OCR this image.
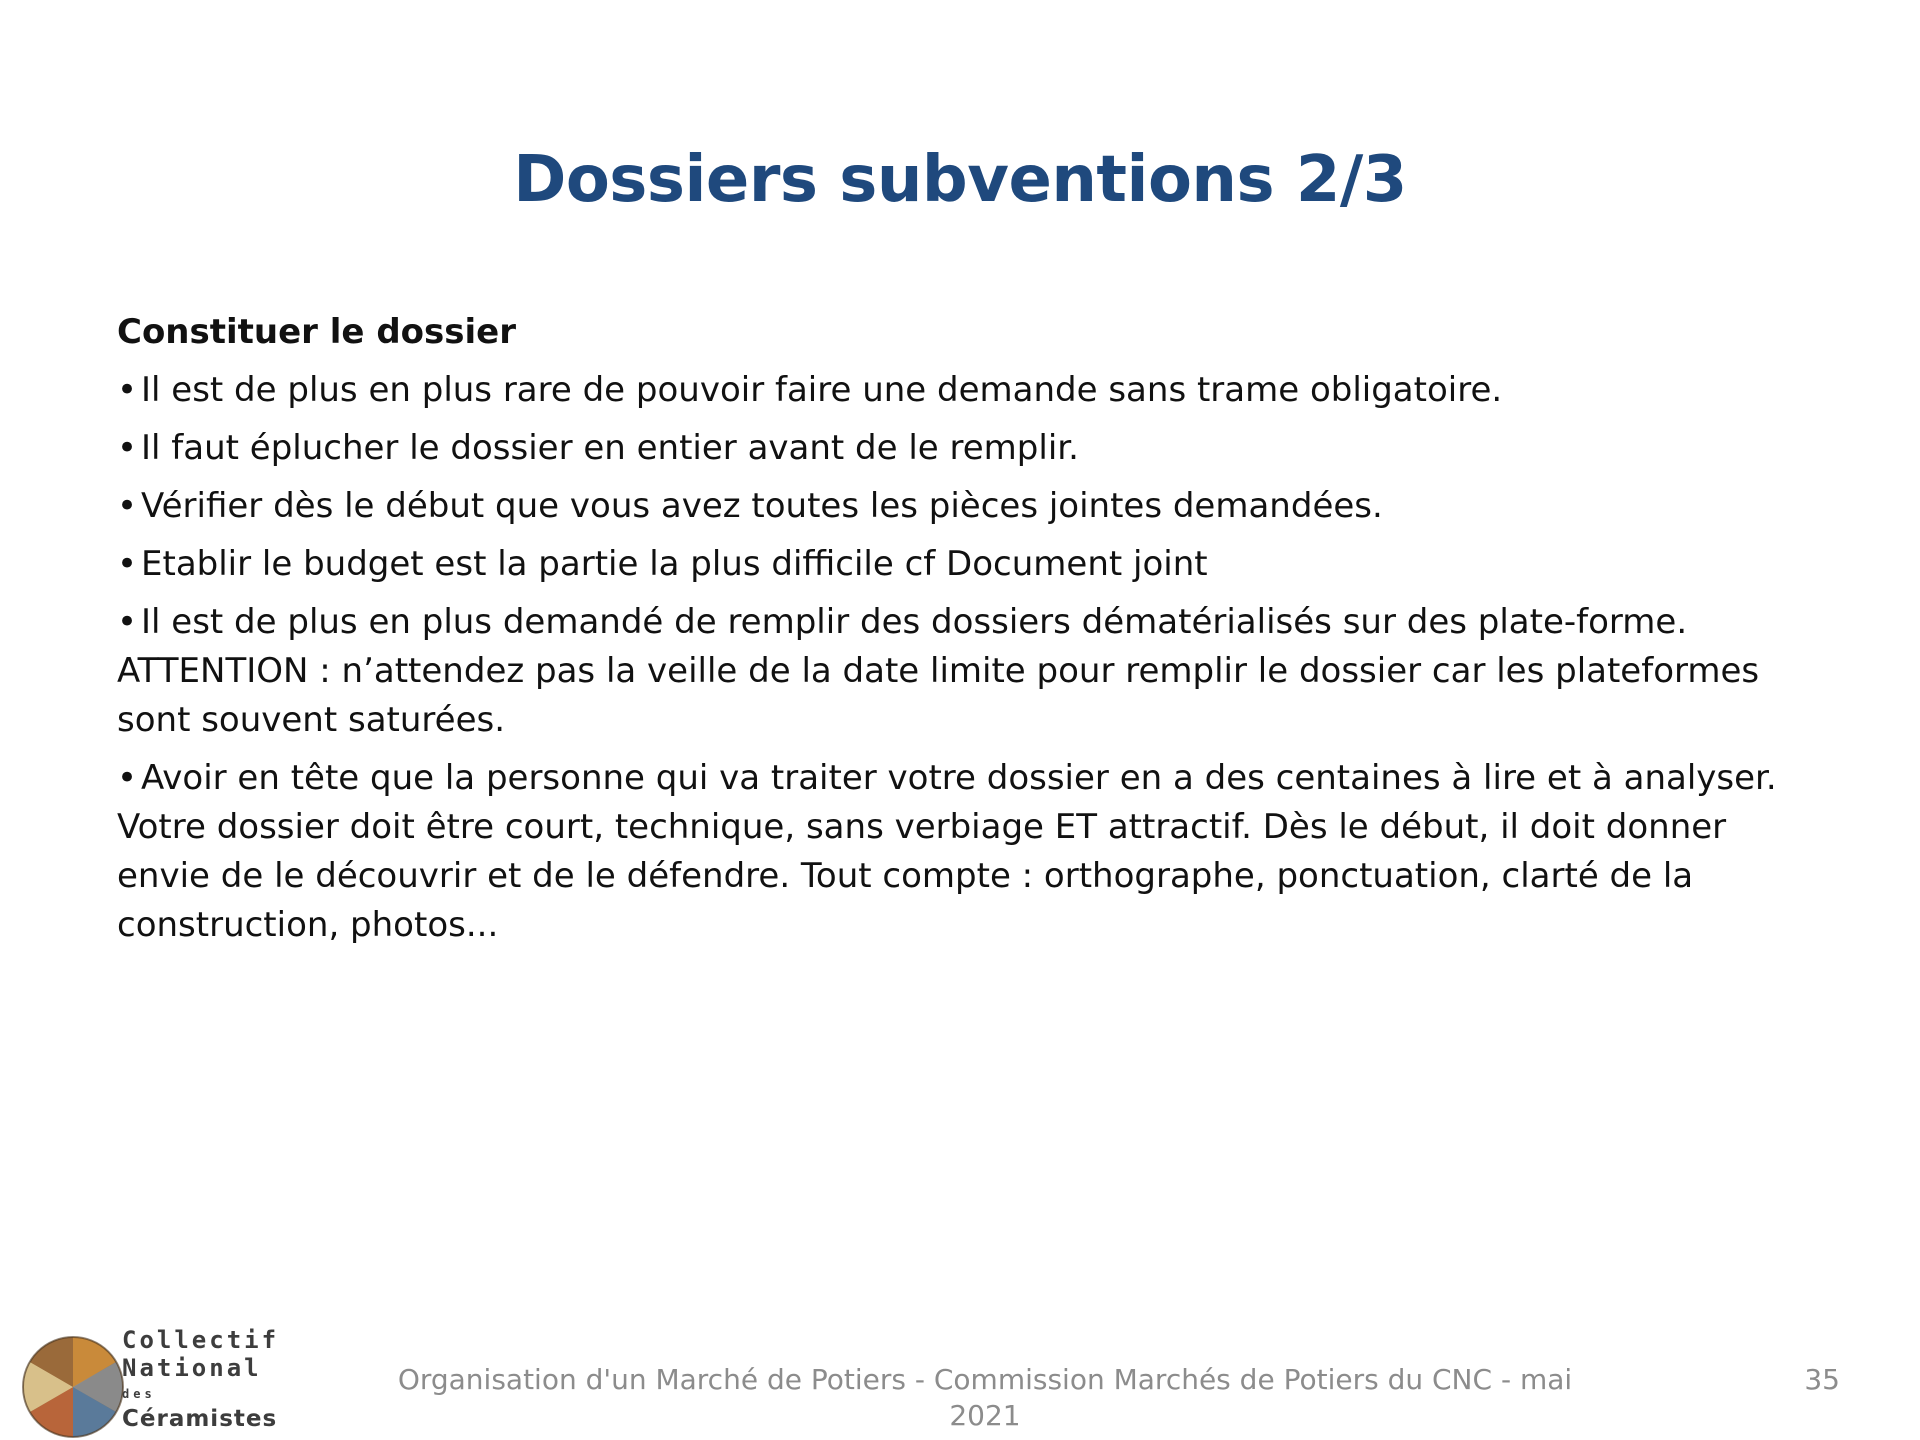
Dossiers subventions 2/3
Constituer le dossier
• Il est de plus en plus rare de pouvoir faire une demande sans trame obligatoire.
• Il faut éplucher le dossier en entier avant de le remplir.
• Vérifier dès le début que vous avez toutes les pièces jointes demandées.
• Etablir le budget est la partie la plus difficile cf Document joint
• Il est de plus en plus demandé de remplir des dossiers dématérialisés sur des plate-forme. ATTENTION : n’attendez pas la veille de la date limite pour remplir le dossier car les plateformes sont souvent saturées.
• Avoir en tête que la personne qui va traiter votre dossier en a des centaines à lire et à analyser. Votre dossier doit être court, technique, sans verbiage ET attractif. Dès le début, il doit donner envie de le découvrir et de le défendre. Tout compte : orthographe, ponctuation, clarté de la construction, photos...
Collectif
National
des
Céramistes
Organisation d'un Marché de Potiers - Commission Marchés de Potiers du CNC - mai 2021
35
